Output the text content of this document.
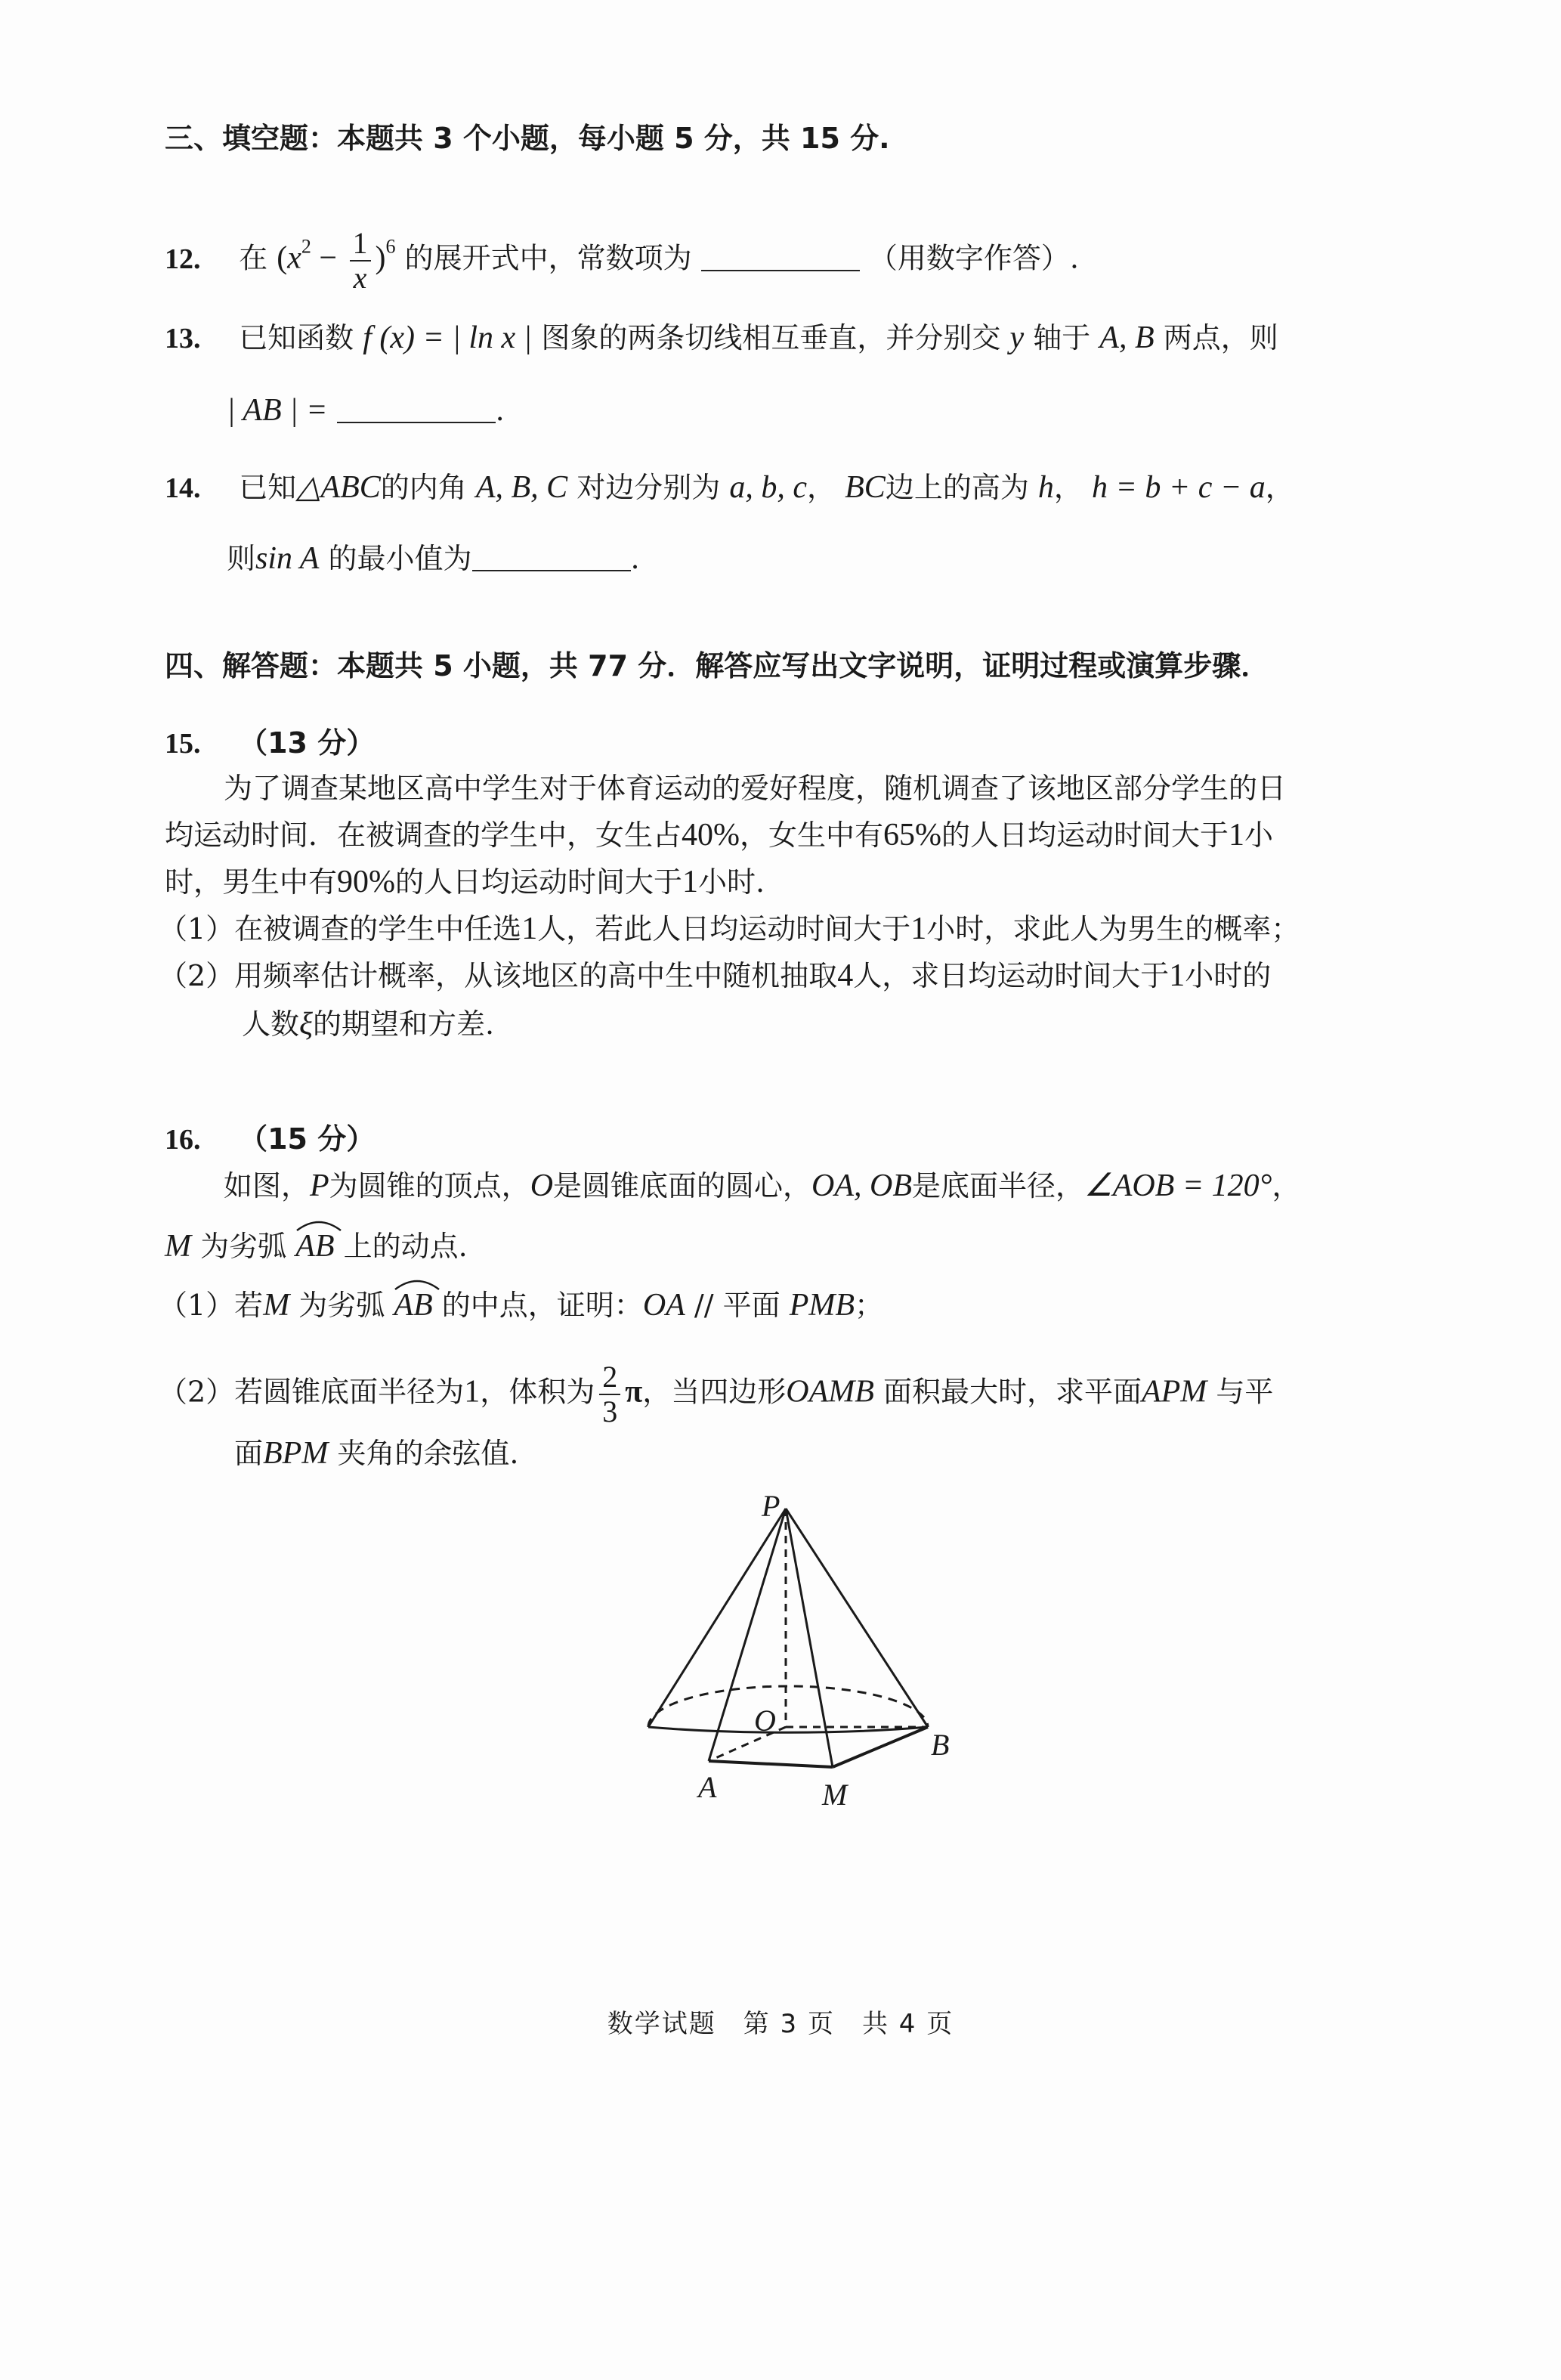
三、填空题：本题共 3 个小题，每小题 5 分，共 15 分.
12. 在 $(x^2 - \frac{1}{x} )^6$ 的展开式中，常数项为	（用数字作答）.
13. 已知函数 f (x) = | ln x | 图象的两条切线相互垂直，并分别交 y 轴于 A, B 两点，则
| AB | =	.
14. 已知△ABC的内角 A, B, C 对边分别为 a, b, c， BC边上的高为 h， h = b + c − a，
则sin A 的最小值为	.
四、解答题：本题共 5 小题，共 77 分．解答应写出文字说明，证明过程或演算步骤．
15. （13 分）
为了调查某地区高中学生对于体育运动的爱好程度，随机调查了该地区部分学生的日
均运动时间．在被调查的学生中，女生占40%，女生中有65%的人日均运动时间大于1小
时，男生中有90%的人日均运动时间大于1小时.
（1）在被调查的学生中任选1人，若此人日均运动时间大于1小时，求此人为男生的概率；
（2）用频率估计概率，从该地区的高中生中随机抽取4人，求日均运动时间大于1小时的
人数ξ的期望和方差.
16. （15 分）
如图，P为圆锥的顶点，O是圆锥底面的圆心，OA, OB是底面半径，∠AOB = 120°，
M 为劣弧 AB 上的动点.
（1）若M 为劣弧 AB 的中点，证明：OA // 平面 PMB；
（2）若圆锥底面半径为1，体积为 $\frac{2}{3}$ π，当四边形OAMB 面积最大时，求平面APM 与平
面BPM 夹角的余弦值.
P
O
B
A	M
数学试题　第 3 页　共 4 页
